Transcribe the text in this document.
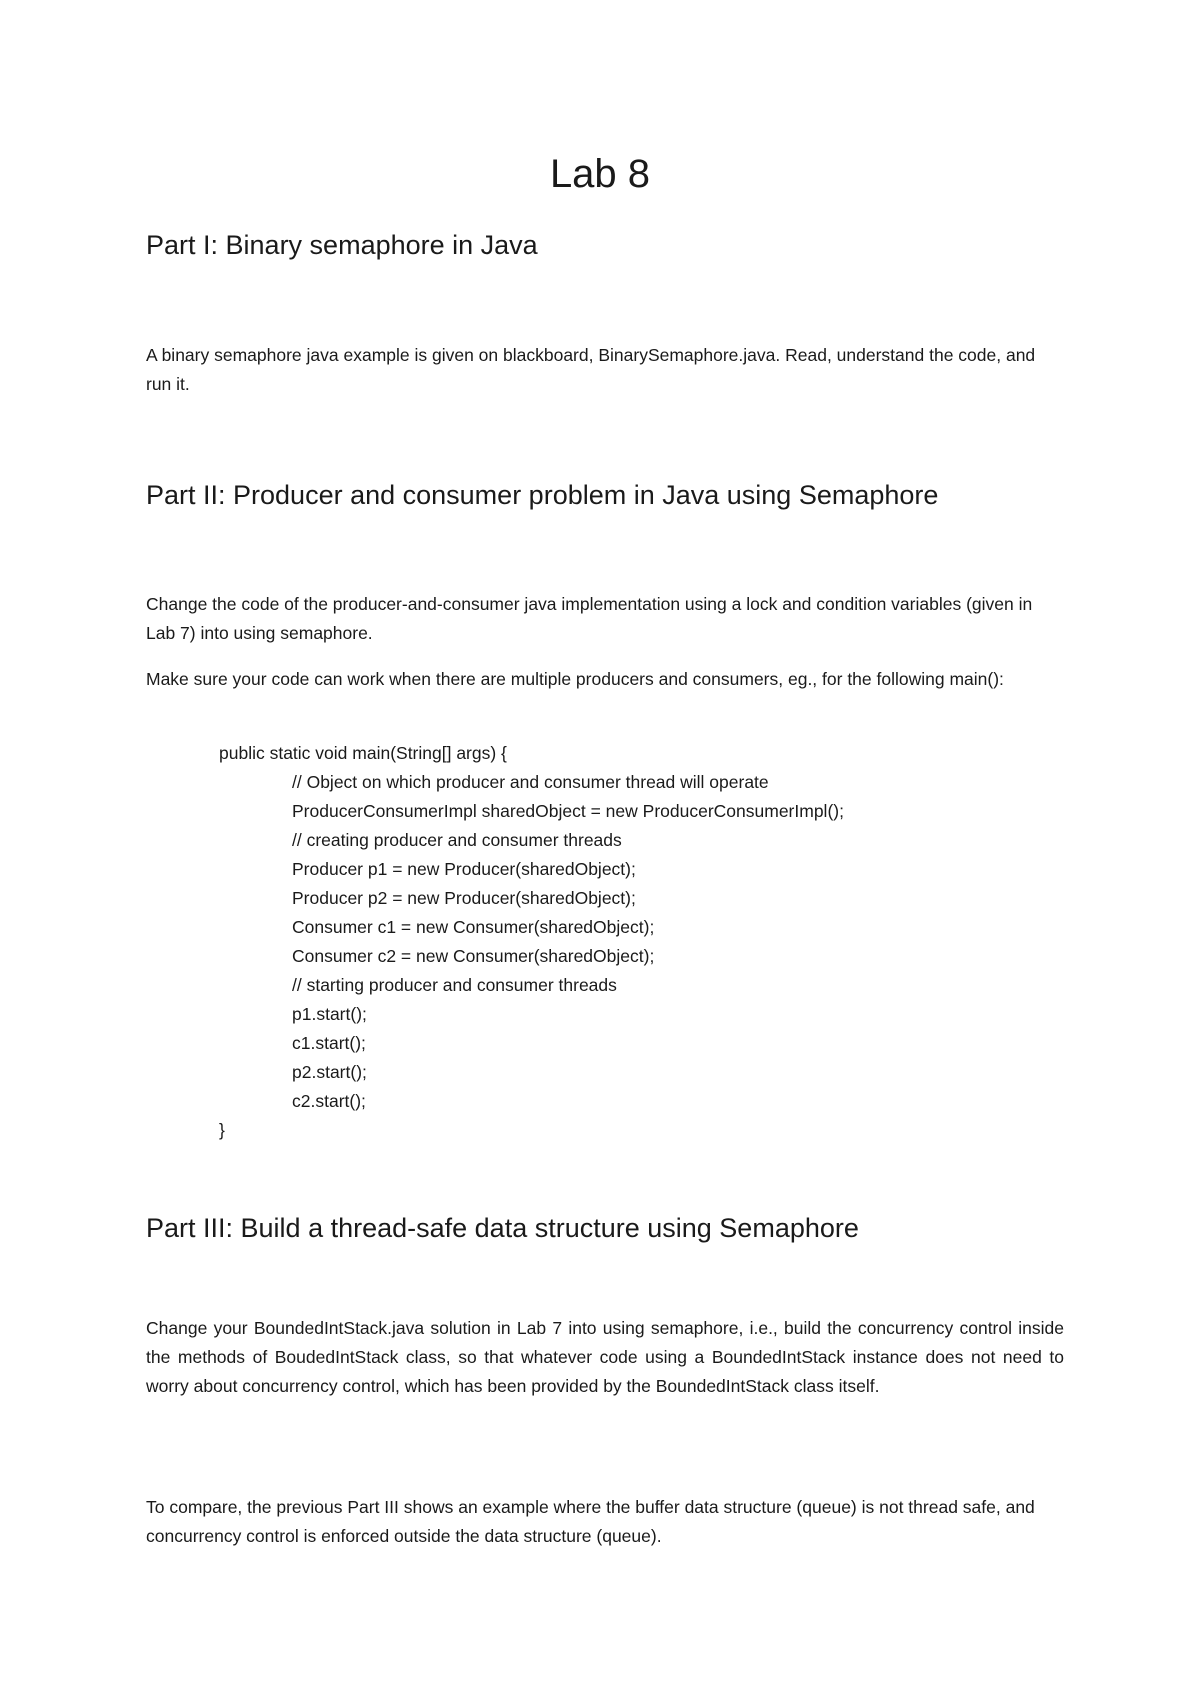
Lab 8
Part I: Binary semaphore in Java

A binary semaphore java example is given on blackboard, BinarySemaphore.java. Read, understand the code, and run it.

Part II: Producer and consumer problem in Java using Semaphore

Change the code of the producer-and-consumer java implementation using a lock and condition variables (given in Lab 7) into using semaphore.

Make sure your code can work when there are multiple producers and consumers, eg., for the following main():

public static void main(String[] args) {
// Object on which producer and consumer thread will operate
ProducerConsumerImpl sharedObject = new ProducerConsumerImpl();
// creating producer and consumer threads
Producer p1 = new Producer(sharedObject);
Producer p2 = new Producer(sharedObject);
Consumer c1 = new Consumer(sharedObject);
Consumer c2 = new Consumer(sharedObject);
// starting producer and consumer threads
p1.start();
c1.start();
p2.start();
c2.start();
}
Part III: Build a thread-safe data structure using Semaphore

Change your BoundedIntStack.java solution in Lab 7 into using semaphore, i.e., build the concurrency control inside the methods of BoudedIntStack class, so that whatever code using a BoundedIntStack instance does not need to worry about concurrency control, which has been provided by the BoundedIntStack class itself.

To compare, the previous Part III shows an example where the buffer data structure (queue) is not thread safe, and concurrency control is enforced outside the data structure (queue).
